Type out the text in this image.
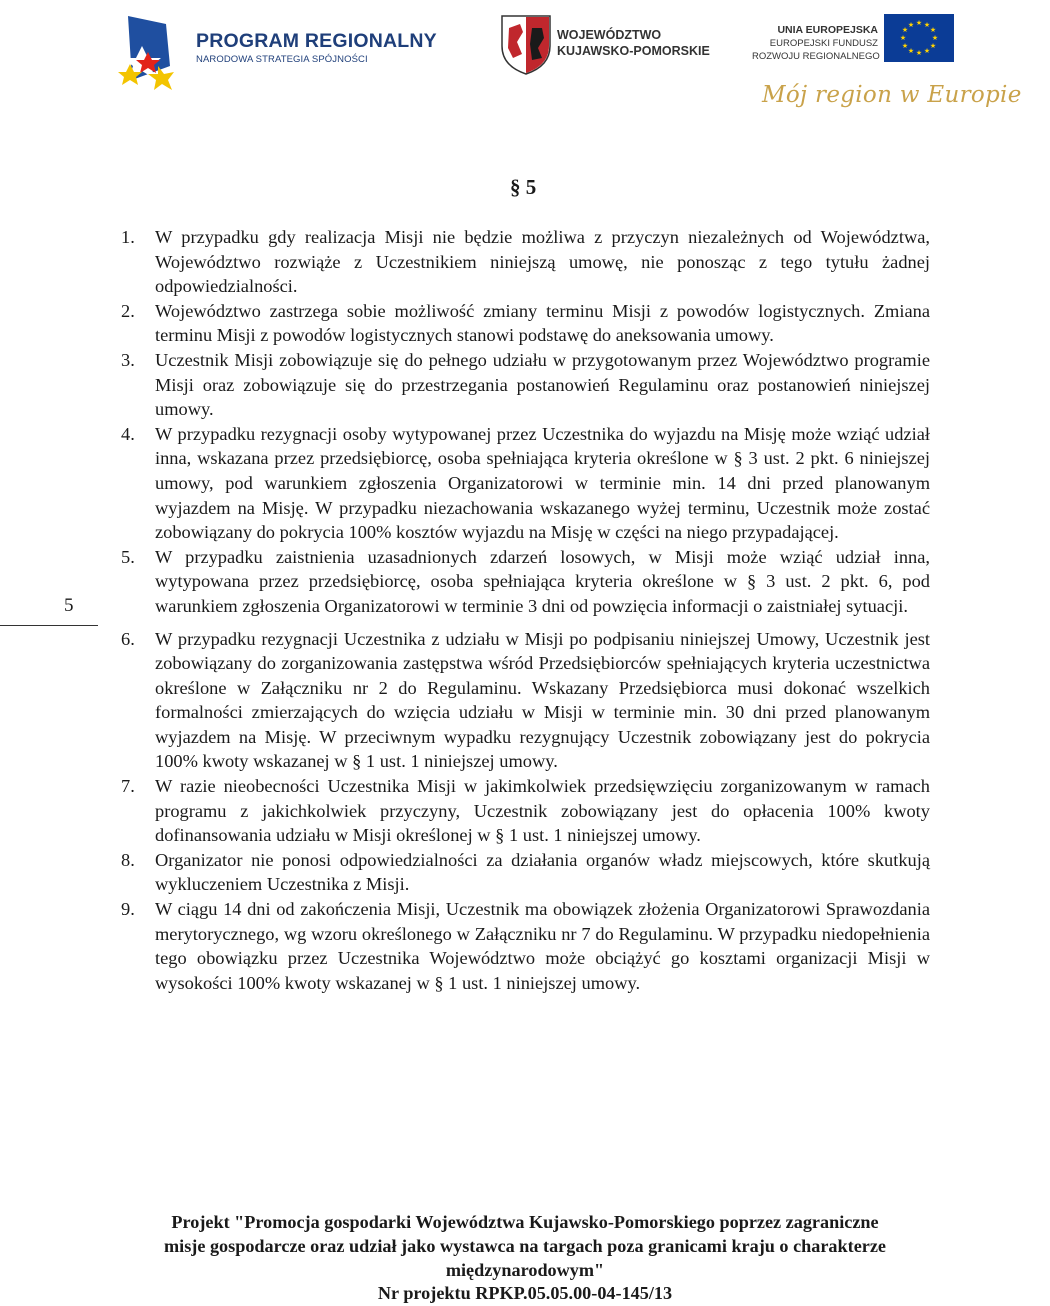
PROGRAM REGIONALNY
NARODOWA STRATEGIA SPÓJNOŚCI
WOJEWÓDZTWO
KUJAWSKO-POMORSKIE
UNIA EUROPEJSKA
EUROPEJSKI FUNDUSZ
ROZWOJU REGIONALNEGO
★ ★
★
★
★
★
★
★
★
★
★
★
Mój region w Europie
§ 5
5
1. W przypadku gdy realizacja Misji nie będzie możliwa z przyczyn niezależnych od Województwa, Województwo rozwiąże z Uczestnikiem niniejszą umowę, nie ponosząc z tego tytułu żadnej odpowiedzialności.
2. Województwo zastrzega sobie możliwość zmiany terminu Misji z powodów logistycznych. Zmiana terminu Misji z powodów logistycznych stanowi podstawę do aneksowania umowy.
3. Uczestnik Misji zobowiązuje się do pełnego udziału w przygotowanym przez Województwo programie Misji oraz zobowiązuje się do przestrzegania postanowień Regulaminu oraz postanowień niniejszej umowy.
4. W przypadku rezygnacji osoby wytypowanej przez Uczestnika do wyjazdu na Misję może wziąć udział inna, wskazana przez przedsiębiorcę, osoba spełniająca kryteria określone w § 3 ust. 2 pkt. 6 niniejszej umowy, pod warunkiem zgłoszenia Organizatorowi w terminie min. 14 dni przed planowanym wyjazdem na Misję. W przypadku niezachowania wskazanego wyżej terminu, Uczestnik może zostać zobowiązany do pokrycia 100% kosztów wyjazdu na Misję w części na niego przypadającej.
5. W przypadku zaistnienia uzasadnionych zdarzeń losowych, w Misji może wziąć udział inna, wytypowana przez przedsiębiorcę, osoba spełniająca kryteria określone w § 3 ust. 2 pkt. 6, pod warunkiem zgłoszenia Organizatorowi w terminie 3 dni od powzięcia informacji o zaistniałej sytuacji.
6. W przypadku rezygnacji Uczestnika z udziału w Misji po podpisaniu niniejszej Umowy, Uczestnik jest zobowiązany do zorganizowania zastępstwa wśród Przedsiębiorców spełniających kryteria uczestnictwa określone w Załączniku nr 2 do Regulaminu. Wskazany Przedsiębiorca musi dokonać wszelkich formalności zmierzających do wzięcia udziału w Misji w terminie min. 30 dni przed planowanym wyjazdem na Misję. W przeciwnym wypadku rezygnujący Uczestnik zobowiązany jest do pokrycia 100% kwoty wskazanej w § 1 ust. 1 niniejszej umowy.
7. W razie nieobecności Uczestnika Misji w jakimkolwiek przedsięwzięciu zorganizowanym w ramach programu z jakichkolwiek przyczyny, Uczestnik zobowiązany jest do opłacenia 100% kwoty dofinansowania udziału w Misji określonej w § 1 ust. 1 niniejszej umowy.
8. Organizator nie ponosi odpowiedzialności za działania organów władz miejscowych, które skutkują wykluczeniem Uczestnika z Misji.
9. W ciągu 14 dni od zakończenia Misji, Uczestnik ma obowiązek złożenia Organizatorowi Sprawozdania merytorycznego, wg wzoru określonego w Załączniku nr 7 do Regulaminu. W przypadku niedopełnienia tego obowiązku przez Uczestnika Województwo może obciążyć go kosztami organizacji Misji w wysokości 100% kwoty wskazanej w § 1 ust. 1 niniejszej umowy.
Projekt "Promocja gospodarki Województwa Kujawsko-Pomorskiego poprzez zagraniczne
misje gospodarcze oraz udział jako wystawca na targach poza granicami kraju o charakterze
międzynarodowym"
Nr projektu RPKP.05.05.00-04-145/13
